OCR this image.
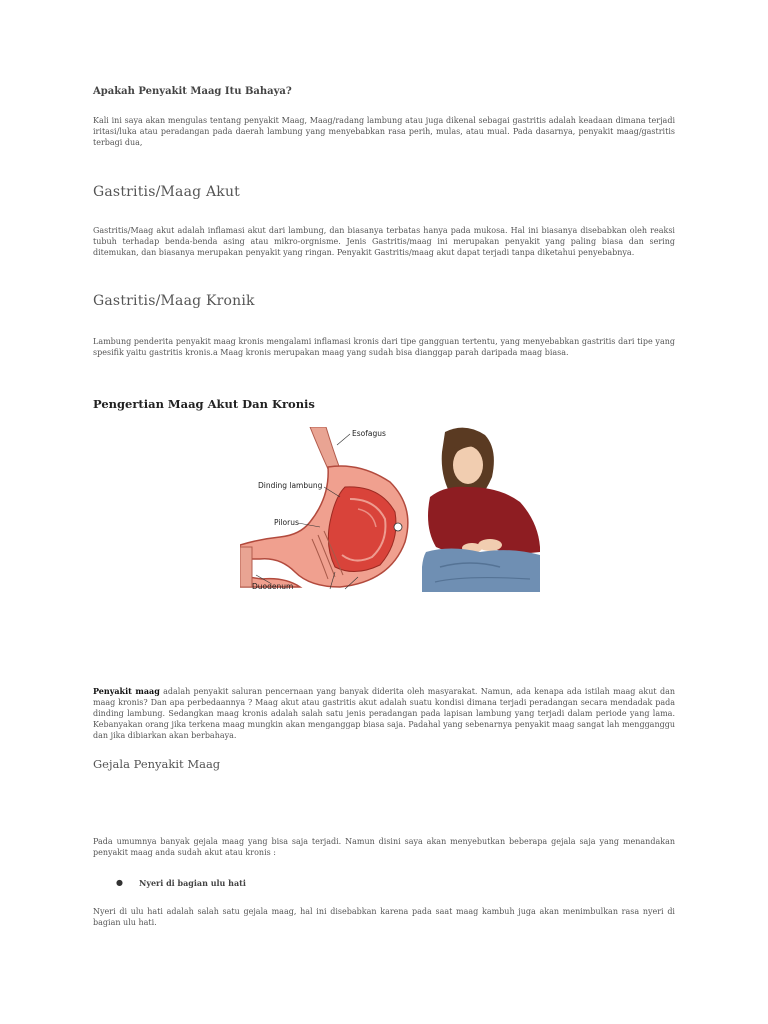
Apakah Penyakit Maag Itu Bahaya?

Kali ini saya akan mengulas tentang penyakit Maag, Maag/radang lambung atau juga dikenal sebagai gastritis adalah keadaan dimana terjadi iritasi/luka atau peradangan pada daerah lambung yang menyebabkan rasa perih, mulas, atau mual. Pada dasarnya, penyakit maag/gastritis terbagi dua,

Gastritis/Maag Akut

Gastritis/Maag akut adalah inflamasi akut dari lambung, dan biasanya terbatas hanya pada mukosa. Hal ini biasanya disebabkan oleh reaksi tubuh terhadap benda-benda asing atau mikro-orgnisme. Jenis Gastritis/maag ini merupakan penyakit yang paling biasa dan sering ditemukan, dan biasanya merupakan penyakit yang ringan. Penyakit Gastritis/maag akut dapat terjadi tanpa diketahui penyebabnya.

Gastritis/Maag Kronik

Lambung penderita penyakit maag kronis mengalami inflamasi kronis dari tipe gangguan tertentu, yang menyebabkan gastritis dari tipe yang spesifik yaitu gastritis kronis.a Maag kronis merupakan maag yang sudah bisa dianggap parah daripada maag biasa.

Pengertian Maag Akut Dan Kronis
Esofagus
Dinding lambung
Pilorus
Duodenum

Penyakit maag adalah penyakit saluran pencernaan yang banyak diderita oleh masyarakat. Namun, ada kenapa ada istilah maag akut dan maag kronis? Dan apa perbedaannya ? Maag akut atau gastritis akut adalah suatu kondisi dimana terjadi peradangan secara mendadak pada dinding lambung. Sedangkan maag kronis adalah salah satu jenis peradangan pada lapisan lambung yang terjadi dalam periode yang lama. Kebanyakan orang jika terkena maag mungkin akan menganggap biasa saja. Padahal yang sebenarnya penyakit maag sangat lah mengganggu dan jika dibiarkan akan berbahaya.

Gejala Penyakit Maag

Pada umumnya banyak gejala maag yang bisa saja terjadi. Namun disini saya akan menyebutkan beberapa gejala saja yang menandakan penyakit maag anda sudah akut atau kronis :

● Nyeri di bagian ulu hati

Nyeri di ulu hati adalah salah satu gejala maag, hal ini disebabkan karena pada saat maag kambuh juga akan menimbulkan rasa nyeri di bagian ulu hati.
